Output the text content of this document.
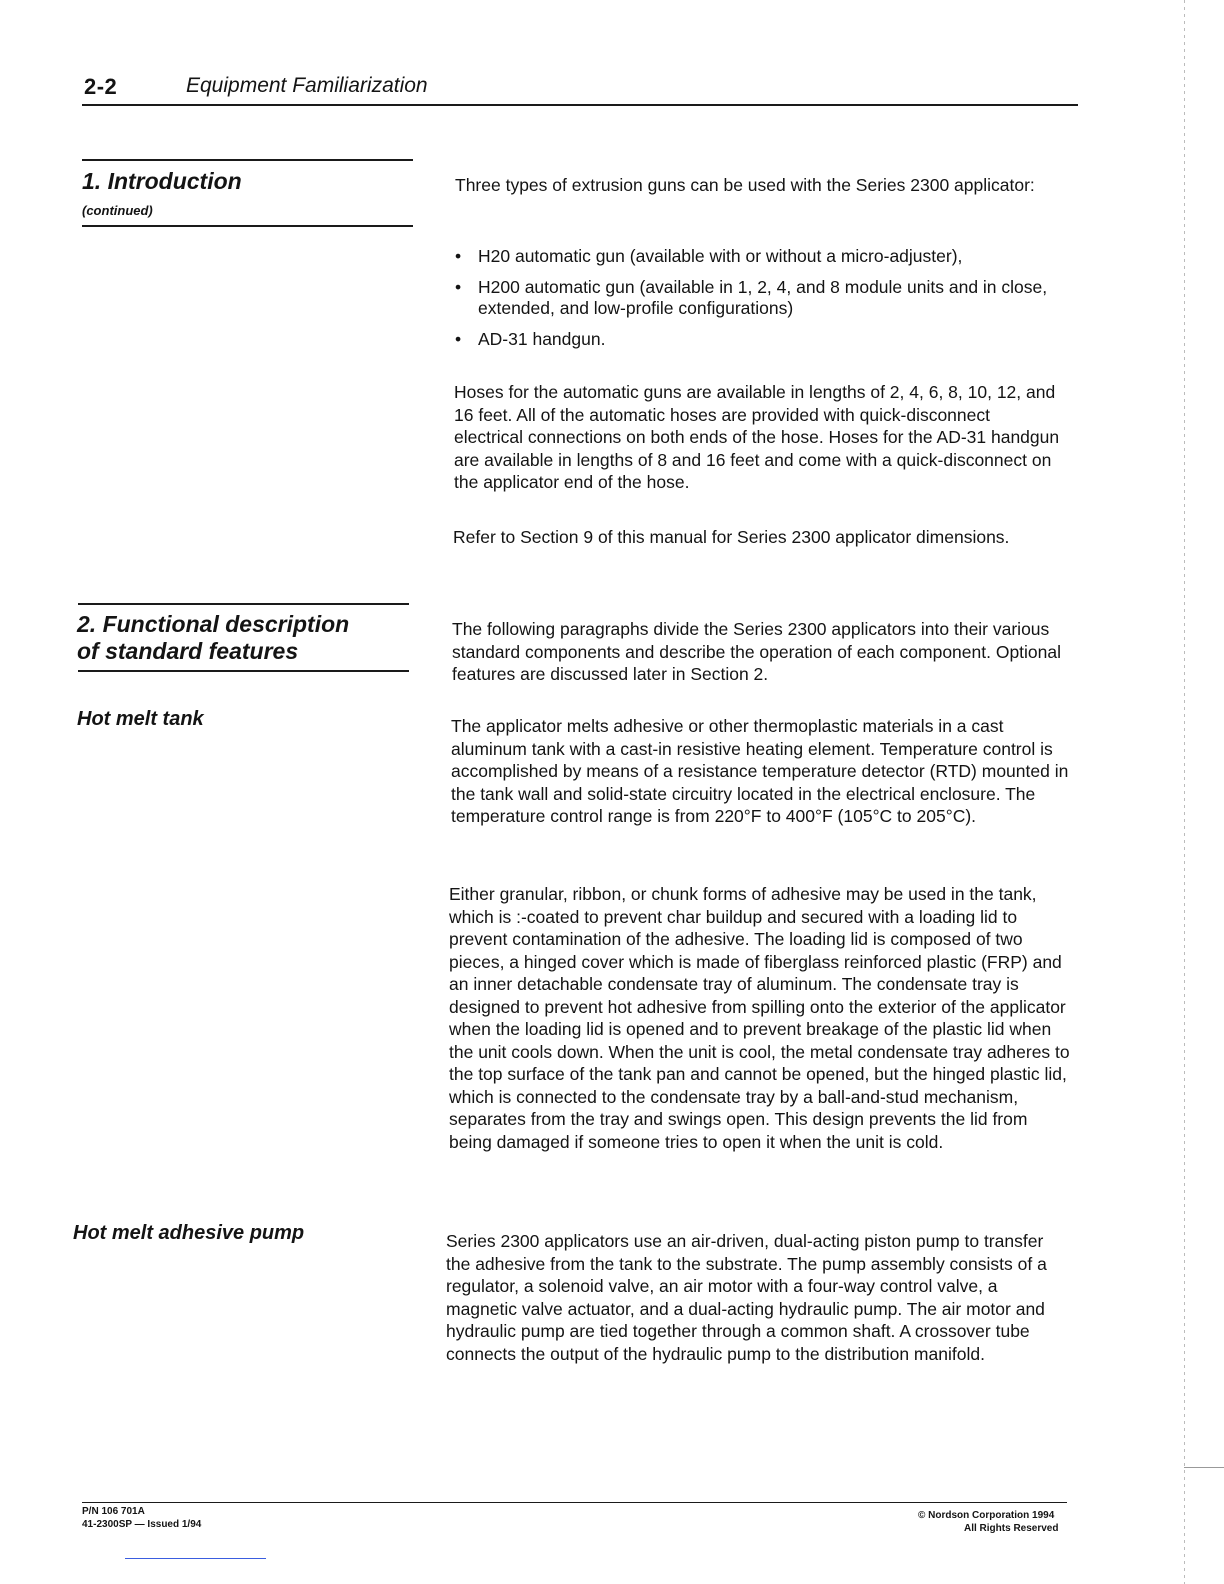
2-2	Equipment Familiarization
1. Introduction
(continued)
Three types of extrusion guns can be used with the Series 2300 applicator:
• H20 automatic gun (available with or without a micro-adjuster),
• H200 automatic gun (available in 1, 2, 4, and 8 module units and in close, extended, and low-profile configurations)
• AD-31 handgun.
Hoses for the automatic guns are available in lengths of 2, 4, 6, 8, 10, 12, and 16 feet. All of the automatic hoses are provided with quick-disconnect electrical connections on both ends of the hose. Hoses for the AD-31 handgun are available in lengths of 8 and 16 feet and come with a quick-disconnect on the applicator end of the hose.
Refer to Section 9 of this manual for Series 2300 applicator dimensions.
2. Functional description
of standard features
The following paragraphs divide the Series 2300 applicators into their various standard components and describe the operation of each component. Optional features are discussed later in Section 2.
Hot melt tank	The applicator melts adhesive or other thermoplastic materials in a cast aluminum tank with a cast-in resistive heating element. Temperature control is accomplished by means of a resistance temperature detector (RTD) mounted in the tank wall and solid-state circuitry located in the electrical enclosure. The temperature control range is from 220°F to 400°F (105°C to 205°C).
Either granular, ribbon, or chunk forms of adhesive may be used in the tank, which is :-coated to prevent char buildup and secured with a loading lid to prevent contamination of the adhesive. The loading lid is composed of two pieces, a hinged cover which is made of fiberglass reinforced plastic (FRP) and an inner detachable condensate tray of aluminum. The condensate tray is designed to prevent hot adhesive from spilling onto the exterior of the applicator when the loading lid is opened and to prevent breakage of the plastic lid when the unit cools down. When the unit is cool, the metal condensate tray adheres to the top surface of the tank pan and cannot be opened, but the hinged plastic lid, which is connected to the condensate tray by a ball-and-stud mechanism, separates from the tray and swings open. This design prevents the lid from being damaged if someone tries to open it when the unit is cold.
Hot melt adhesive pump	Series 2300 applicators use an air-driven, dual-acting piston pump to transfer the adhesive from the tank to the substrate. The pump assembly consists of a regulator, a solenoid valve, an air motor with a four-way control valve, a magnetic valve actuator, and a dual-acting hydraulic pump. The air motor and hydraulic pump are tied together through a common shaft. A crossover tube connects the output of the hydraulic pump to the distribution manifold.
P/N 106 701A
41-2300SP — Issued 1/94
© Nordson Corporation 1994
All Rights Reserved
